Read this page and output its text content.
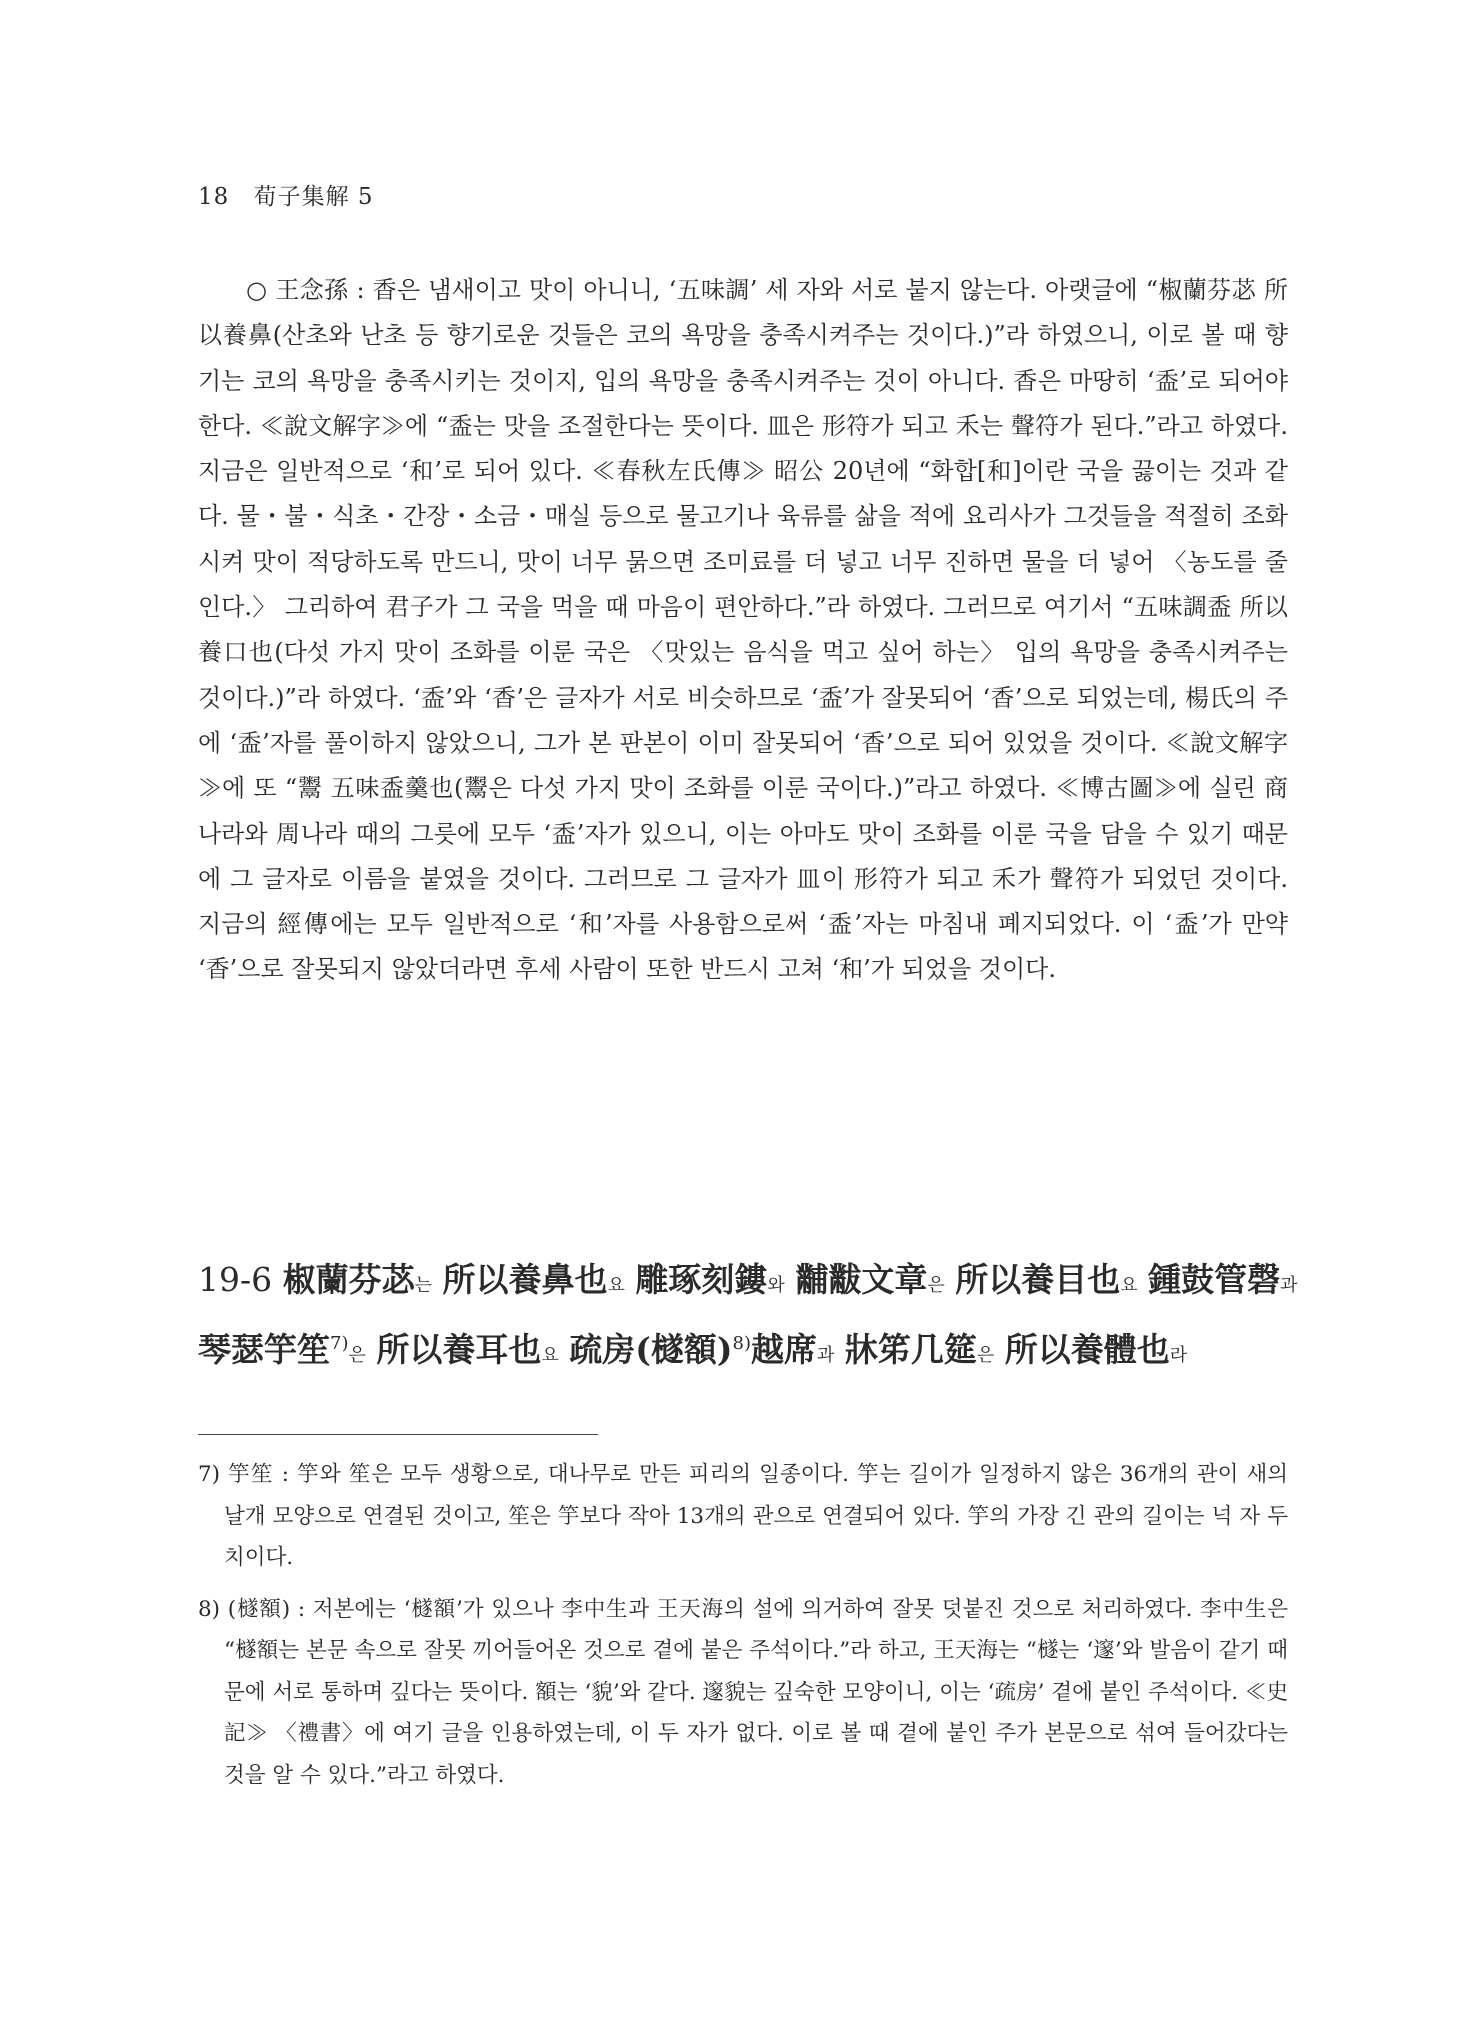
18 荀子集解 5

○ 王念孫 : 香은 냄새이고 맛이 아니니, ‘五味調’ 세 자와 서로 붙지 않는다. 아랫글에 “椒蘭芬苾 所以養鼻(산초와 난초 등 향기로운 것들은 코의 욕망을 충족시켜주는 것이다.)”라 하였으니, 이로 볼 때 향기는 코의 욕망을 충족시키는 것이지, 입의 욕망을 충족시켜주는 것이 아니다. 香은 마땅히 ‘盉’로 되어야 한다. ≪說文解字≫에 “盉는 맛을 조절한다는 뜻이다. 皿은 形符가 되고 禾는 聲符가 된다.”라고 하였다. 지금은 일반적으로 ‘和’로 되어 있다. ≪春秋左氏傳≫ 昭公 20년에 “화합[和]이란 국을 끓이는 것과 같다. 물・불・식초・간장・소금・매실 등으로 물고기나 육류를 삶을 적에 요리사가 그것들을 적절히 조화시켜 맛이 적당하도록 만드니, 맛이 너무 묽으면 조미료를 더 넣고 너무 진하면 물을 더 넣어 〈농도를 줄인다.〉 그리하여 君子가 그 국을 먹을 때 마음이 편안하다.”라 하였다. 그러므로 여기서 “五味調盉 所以養口也(다섯 가지 맛이 조화를 이룬 국은 〈맛있는 음식을 먹고 싶어 하는〉 입의 욕망을 충족시켜주는 것이다.)”라 하였다. ‘盉’와 ‘香’은 글자가 서로 비슷하므로 ‘盉’가 잘못되어 ‘香’으로 되었는데, 楊氏의 주에 ‘盉’자를 풀이하지 않았으니, 그가 본 판본이 이미 잘못되어 ‘香’으로 되어 있었을 것이다. ≪說文解字≫에 또 “鬻 五味盉羹也(鬻은 다섯 가지 맛이 조화를 이룬 국이다.)”라고 하였다. ≪博古圖≫에 실린 商나라와 周나라 때의 그릇에 모두 ‘盉’자가 있으니, 이는 아마도 맛이 조화를 이룬 국을 담을 수 있기 때문에 그 글자로 이름을 붙였을 것이다. 그러므로 그 글자가 皿이 形符가 되고 禾가 聲符가 되었던 것이다. 지금의 經傳에는 모두 일반적으로 ‘和’자를 사용함으로써 ‘盉’자는 마침내 폐지되었다. 이 ‘盉’가 만약 ‘香’으로 잘못되지 않았더라면 후세 사람이 또한 반드시 고쳐 ‘和’가 되었을 것이다.

19-6 椒蘭芬苾는 所以養鼻也요 雕琢刻鏤와 黼黻文章은 所以養目也요 鍾鼓管磬과 琴瑟竽笙$^{7)}$은 所以養耳也요 疏房(檖額)$^{8)}$越席과 牀笫几筵은 所以養體也라

7) 竽笙 : 竽와 笙은 모두 생황으로, 대나무로 만든 피리의 일종이다. 竽는 길이가 일정하지 않은 36개의 관이 새의 날개 모양으로 연결된 것이고, 笙은 竽보다 작아 13개의 관으로 연결되어 있다. 竽의 가장 긴 관의 길이는 넉 자 두 치이다.

8) (檖額) : 저본에는 ‘檖額’가 있으나 李中生과 王天海의 설에 의거하여 잘못 덧붙진 것으로 처리하였다. 李中生은 “檖額는 본문 속으로 잘못 끼어들어온 것으로 곁에 붙은 주석이다.”라 하고, 王天海는 “檖는 ‘邃’와 발음이 같기 때문에 서로 통하며 깊다는 뜻이다. 額는 ‘貌’와 같다. 邃貌는 깊숙한 모양이니, 이는 ‘疏房’ 곁에 붙인 주석이다. ≪史記≫ 〈禮書〉에 여기 글을 인용하였는데, 이 두 자가 없다. 이로 볼 때 곁에 붙인 주가 본문으로 섞여 들어갔다는 것을 알 수 있다.”라고 하였다.
